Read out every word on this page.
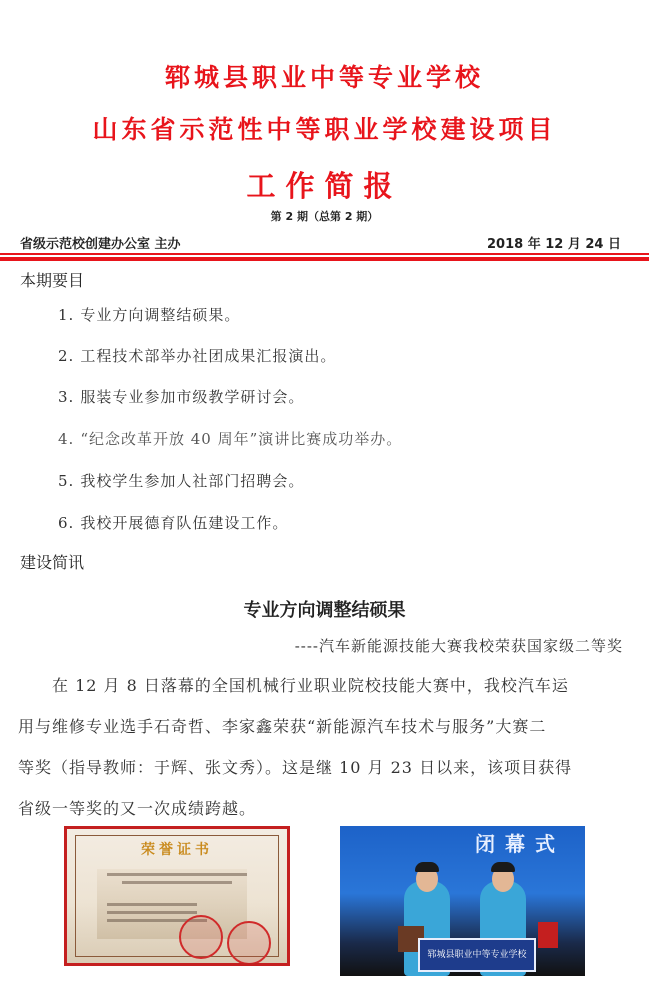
郓城县职业中等专业学校
山东省示范性中等职业学校建设项目
工作简报
第 2 期（总第 2 期）
省级示范校创建办公室 主办	2018 年 12 月 24 日
本期要目
1. 专业方向调整结硕果。
2. 工程技术部举办社团成果汇报演出。
3. 服装专业参加市级教学研讨会。
4. “纪念改革开放 40 周年”演讲比赛成功举办。
5. 我校学生参加人社部门招聘会。
6. 我校开展德育队伍建设工作。
建设简讯
专业方向调整结硕果
----汽车新能源技能大赛我校荣获国家级二等奖
　　在 12 月 8 日落幕的全国机械行业职业院校技能大赛中，我校汽车运
用与维修专业选手石奇哲、李家鑫荣获“新能源汽车技术与服务”大赛二
等奖（指导教师：于辉、张文秀）。这是继 10 月 23 日以来，该项目获得
省级一等奖的又一次成绩跨越。
荣誉证书	闭幕式
郓城县职业中等专业学校
